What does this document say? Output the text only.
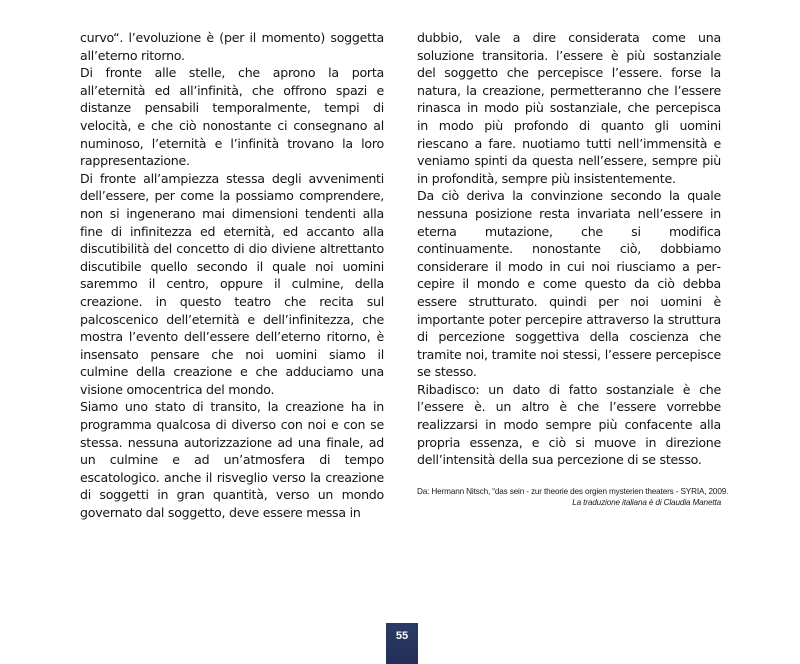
curvo“. l’evoluzione è (per il momento) soggetta all’eterno ritorno.

Di fronte alle stelle, che aprono la porta all’eternità ed all’infinità, che offrono spazi e distanze pensabili temporalmente, tempi di velocità, e che ciò nonostante ci consegnano al numinoso, l’eternità e l’infinità trovano la loro rappresentazione.

Di fronte all’ampiezza stessa degli avvenimenti dell’essere, per come la possiamo comprendere, non si ingenerano mai dimensioni tendenti alla fine di infinitezza ed eternità, ed accanto alla discutibilità del concetto di dio diviene altrettanto discutibile quello secondo il quale noi uomini saremmo il centro, oppure il culmine, della creazione. in questo teatro che recita sul palcoscenico dell’eternità e dell’infinitezza, che mostra l’evento dell’essere dell’eterno ritorno, è insensato pensare che noi uomini siamo il culmine della creazione e che adduciamo una visione omocentrica del mondo.

Siamo uno stato di transito, la creazione ha in programma qualcosa di diverso con noi e con se stessa. nessuna autorizzazione ad una finale, ad un culmine e ad un’atmosfera di tempo escatologico. anche il risveglio verso la creazione di soggetti in gran quantità, verso un mondo governato dal soggetto, deve essere messa in

dubbio, vale a dire considerata come una soluzione transitoria. l’essere è più sostanziale del soggetto che percepisce l’essere. forse la natura, la creazione, permetteranno che l’essere rinasca in modo più sostanziale, che percepisca in modo più profondo di quanto gli uomini riescano a fare. nuotiamo tutti nell’immensità e veniamo spinti da questa nell’essere, sempre più in profondità, sempre più insistentemente.

Da ciò deriva la convinzione secondo la quale nessuna posizione resta invariata nell’essere in eterna mutazione, che si modifica continuamente. nonostante ciò, dobbiamo considerare il modo in cui noi riusciamo a percepire il mondo e come questo da ciò debba essere strutturato. quindi per noi uomini è importante poter percepire attraverso la struttura di percezione soggettiva della coscienza che tramite noi, tramite noi stessi, l’essere percepisce se stesso.

Ribadisco: un dato di fatto sostanziale è che l’essere è. un altro è che l’essere vorrebbe realizzarsi in modo sempre più confacente alla propria essenza, e ciò si muove in direzione dell’intensità della sua percezione di se stesso.

Da: Hermann Nitsch, “das sein - zur theorie des orgien mysterien theaters - SYRIA, 2009.
La traduzione italiana è di Claudia Manetta
55
